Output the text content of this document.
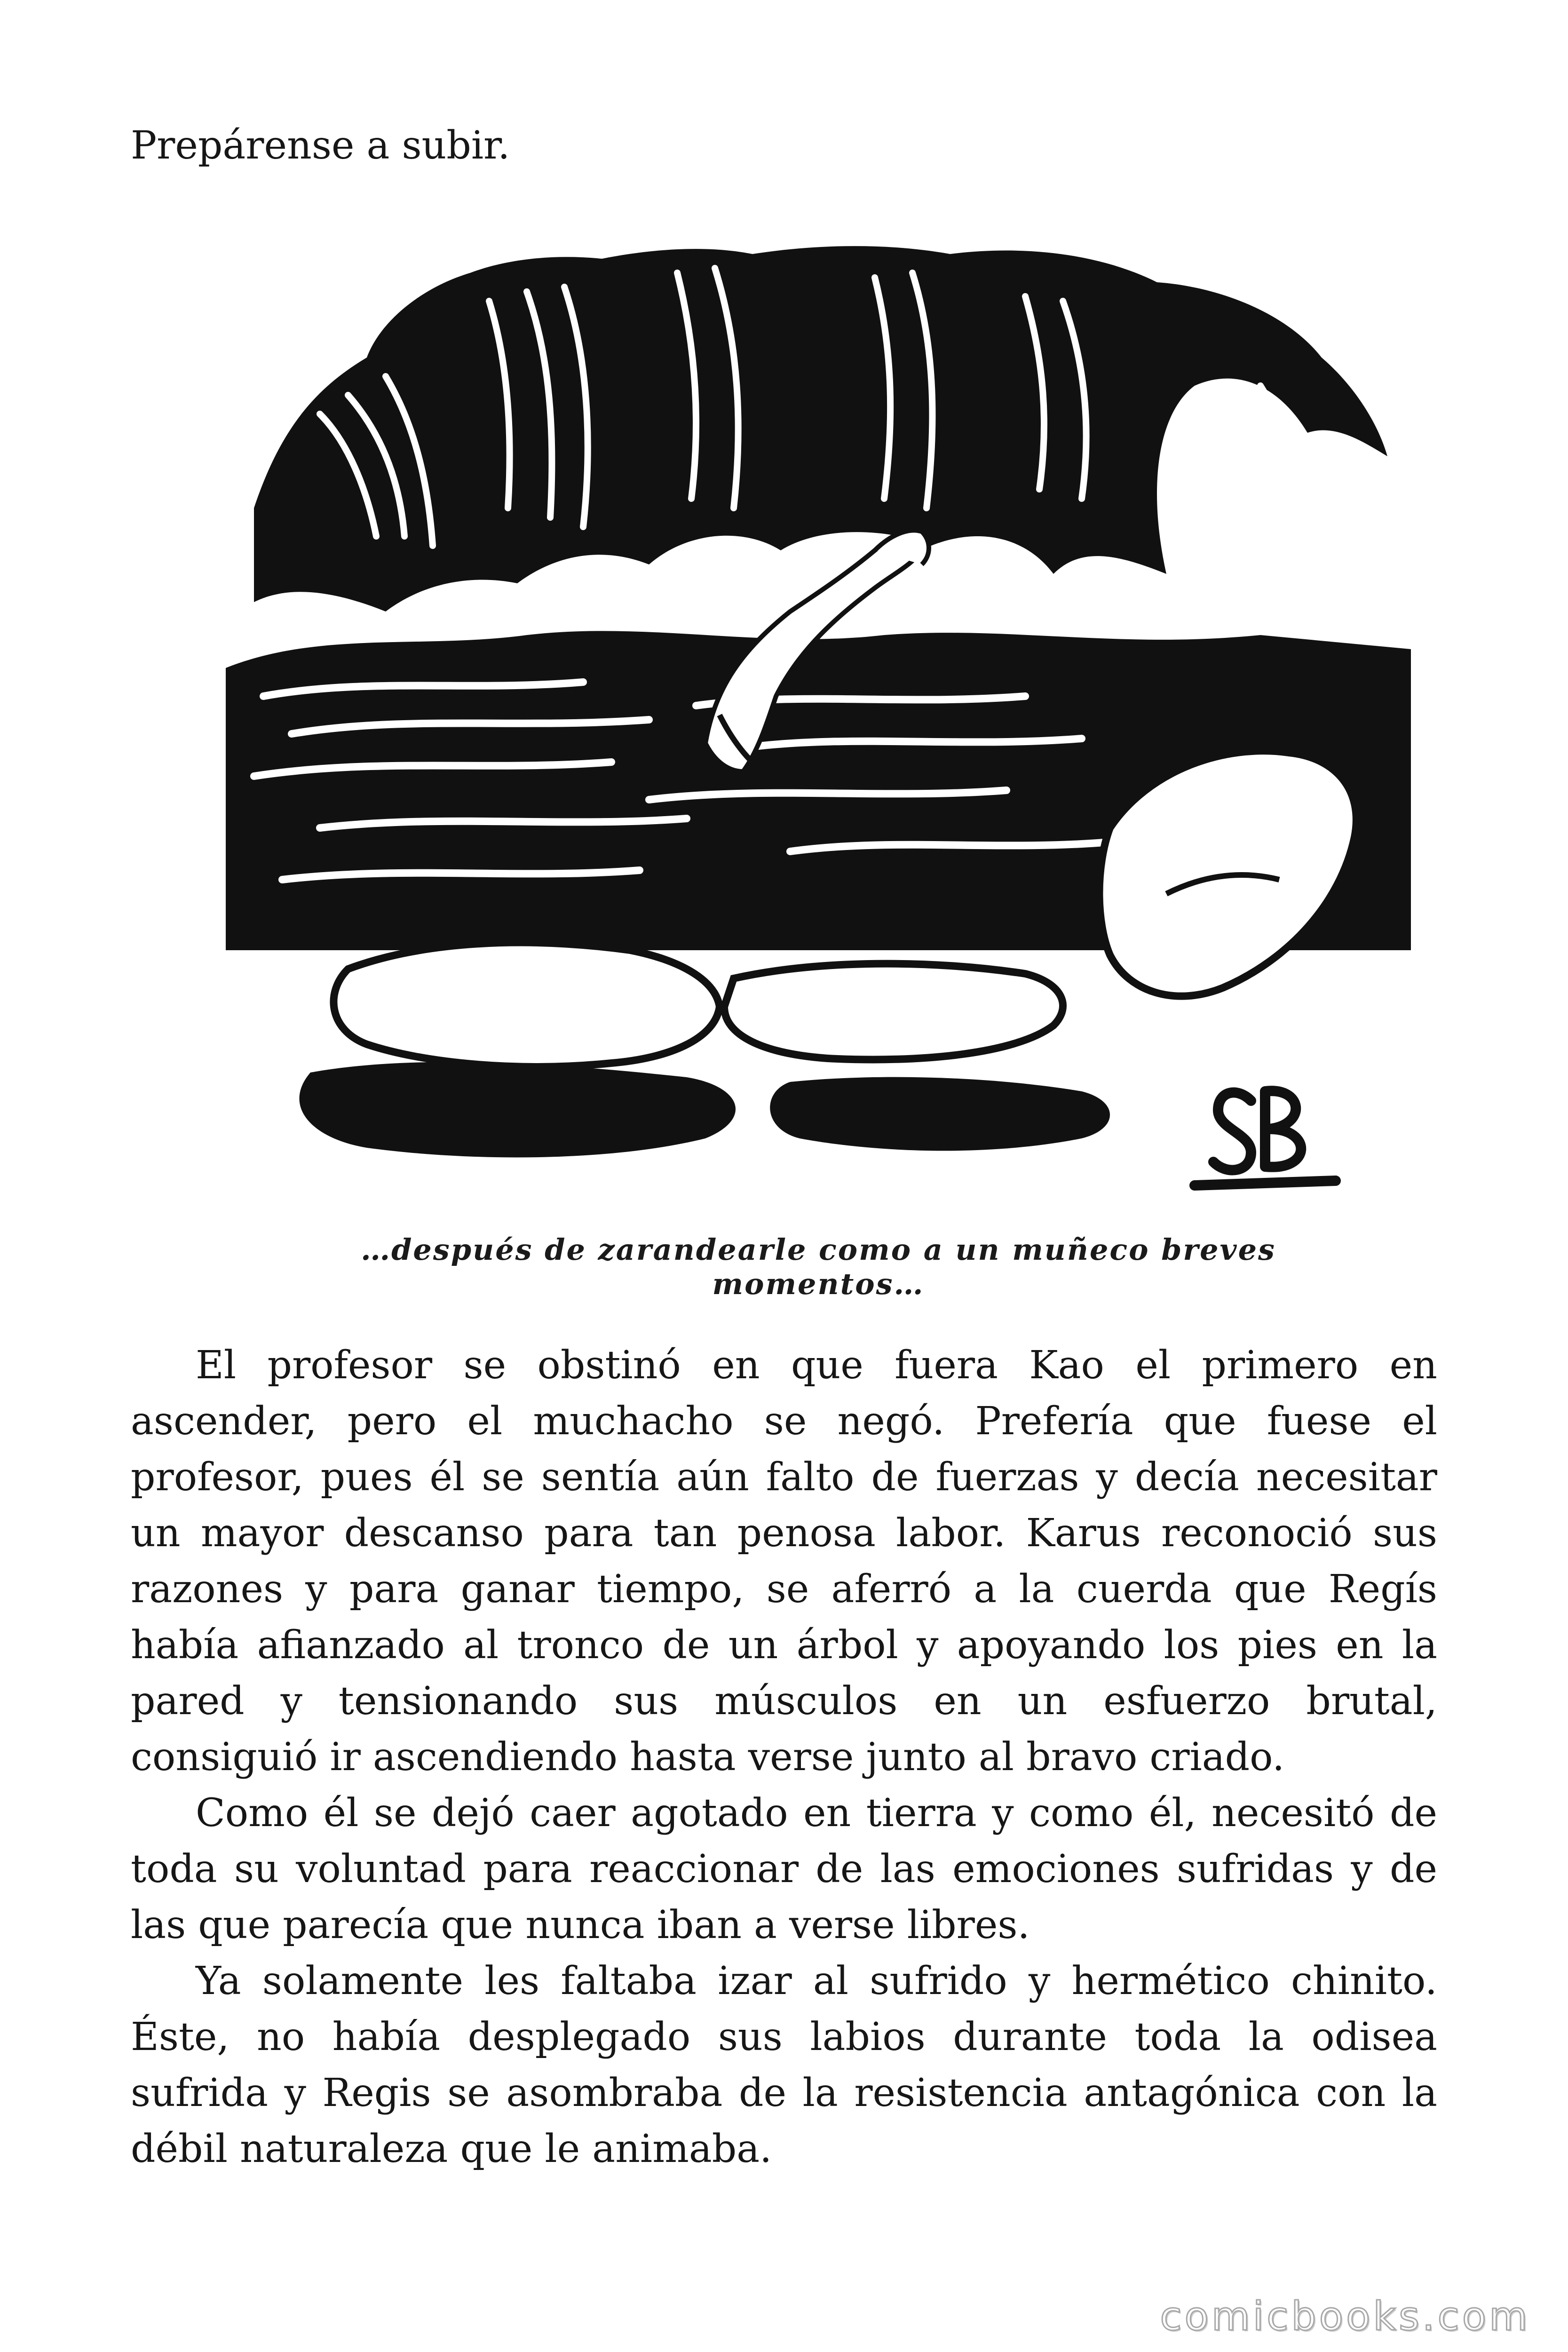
Prepárense a subir.

…después de zarandearle como a un muñeco breves momentos…

El profesor se obstinó en que fuera Kao el primero en ascender, pero el muchacho se negó. Prefería que fuese el profesor, pues él se sentía aún falto de fuerzas y decía necesitar un mayor descanso para tan penosa labor. Karus reconoció sus razones y para ganar tiempo, se aferró a la cuerda que Regís había afianzado al tronco de un árbol y apoyando los pies en la pared y tensionando sus músculos en un esfuerzo brutal, consiguió ir ascendiendo hasta verse junto al bravo criado.

Como él se dejó caer agotado en tierra y como él, necesitó de toda su voluntad para reaccionar de las emociones sufridas y de las que parecía que nunca iban a verse libres.

Ya solamente les faltaba izar al sufrido y hermético chinito. Éste, no había desplegado sus labios durante toda la odisea sufrida y Regis se asombraba de la resistencia antagónica con la débil naturaleza que le animaba.

comicbooks.com
